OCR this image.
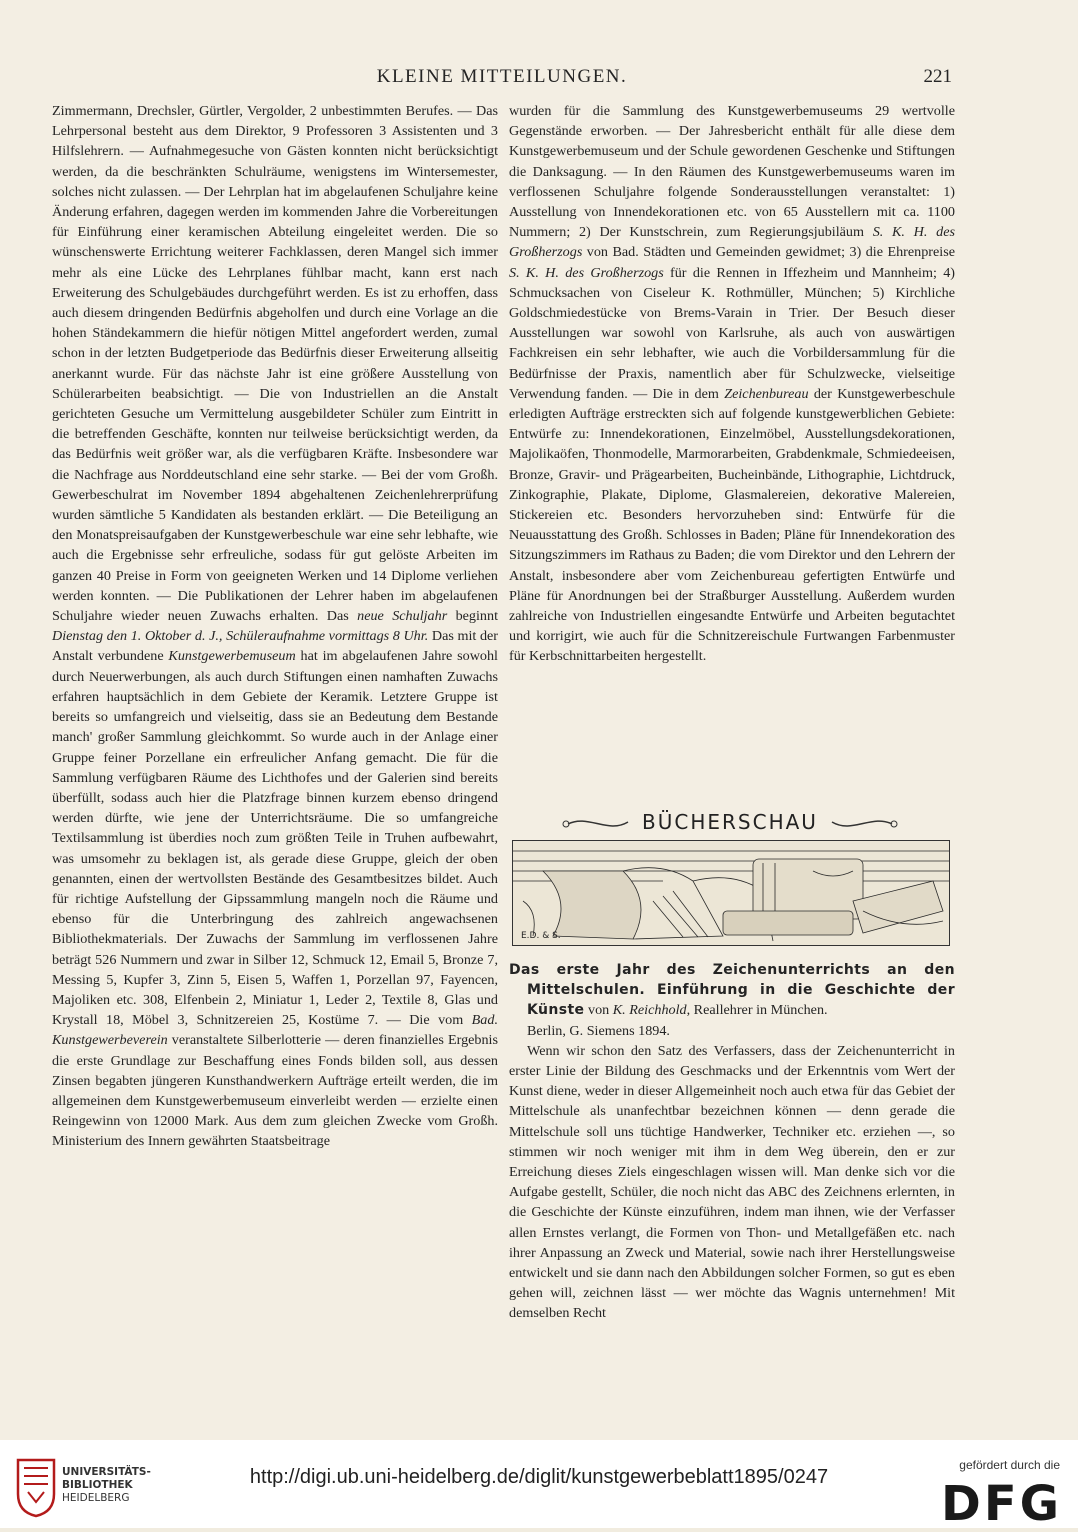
KLEINE MITTEILUNGEN.	221

Zimmermann, Drechsler, Gürtler, Vergolder, 2 unbestimmten Berufes. — Das Lehrpersonal besteht aus dem Direktor, 9 Professoren 3 Assistenten und 3 Hilfslehrern. — Aufnahmegesuche von Gästen konnten nicht berücksichtigt werden, da die beschränkten Schulräume, wenigstens im Wintersemester, solches nicht zulassen. — Der Lehrplan hat im abgelaufenen Schuljahre keine Änderung erfahren, dagegen werden im kommenden Jahre die Vorbereitungen für Einführung einer keramischen Abteilung eingeleitet werden. Die so wünschenswerte Errichtung weiterer Fachklassen, deren Mangel sich immer mehr als eine Lücke des Lehrplanes fühlbar macht, kann erst nach Erweiterung des Schulgebäudes durchgeführt werden. Es ist zu erhoffen, dass auch diesem dringenden Bedürfnis abgeholfen und durch eine Vorlage an die hohen Ständekammern die hiefür nötigen Mittel angefordert werden, zumal schon in der letzten Budgetperiode das Bedürfnis dieser Erweiterung allseitig anerkannt wurde. Für das nächste Jahr ist eine größere Ausstellung von Schülerarbeiten beabsichtigt. — Die von Industriellen an die Anstalt gerichteten Gesuche um Vermittelung ausgebildeter Schüler zum Eintritt in die betreffenden Geschäfte, konnten nur teilweise berücksichtigt werden, da das Bedürfnis weit größer war, als die verfügbaren Kräfte. Insbesondere war die Nachfrage aus Norddeutschland eine sehr starke. — Bei der vom Großh. Gewerbeschulrat im November 1894 abgehaltenen Zeichenlehrerprüfung wurden sämtliche 5 Kandidaten als bestanden erklärt. — Die Beteiligung an den Monatspreisaufgaben der Kunstgewerbeschule war eine sehr lebhafte, wie auch die Ergebnisse sehr erfreuliche, sodass für gut gelöste Arbeiten im ganzen 40 Preise in Form von geeigneten Werken und 14 Diplome verliehen werden konnten. — Die Publikationen der Lehrer haben im abgelaufenen Schuljahre wieder neuen Zuwachs erhalten. Das neue Schuljahr beginnt Dienstag den 1. Oktober d. J., Schüleraufnahme vormittags 8 Uhr. Das mit der Anstalt verbundene Kunstgewerbemuseum hat im abgelaufenen Jahre sowohl durch Neuerwerbungen, als auch durch Stiftungen einen namhaften Zuwachs erfahren hauptsächlich in dem Gebiete der Keramik. Letztere Gruppe ist bereits so umfangreich und vielseitig, dass sie an Bedeutung dem Bestande manch' großer Sammlung gleichkommt. So wurde auch in der Anlage einer Gruppe feiner Porzellane ein erfreulicher Anfang gemacht. Die für die Sammlung verfügbaren Räume des Lichthofes und der Galerien sind bereits überfüllt, sodass auch hier die Platzfrage binnen kurzem ebenso dringend werden dürfte, wie jene der Unterrichtsräume. Die so umfangreiche Textilsammlung ist überdies noch zum größten Teile in Truhen aufbewahrt, was umsomehr zu beklagen ist, als gerade diese Gruppe, gleich der oben genannten, einen der wertvollsten Bestände des Gesamtbesitzes bildet. Auch für richtige Aufstellung der Gipssammlung mangeln noch die Räume und ebenso für die Unterbringung des zahlreich angewachsenen Bibliothekmaterials. Der Zuwachs der Sammlung im verflossenen Jahre beträgt 526 Nummern und zwar in Silber 12, Schmuck 12, Email 5, Bronze 7, Messing 5, Kupfer 3, Zinn 5, Eisen 5, Waffen 1, Porzellan 97, Fayencen, Majoliken etc. 308, Elfenbein 2, Miniatur 1, Leder 2, Textile 8, Glas und Krystall 18, Möbel 3, Schnitzereien 25, Kostüme 7. — Die vom Bad. Kunstgewerbeverein veranstaltete Silberlotterie — deren finanzielles Ergebnis die erste Grundlage zur Beschaffung eines Fonds bilden soll, aus dessen Zinsen begabten jüngeren Kunsthandwerkern Aufträge erteilt werden, die im allgemeinen dem Kunstgewerbemuseum einverleibt werden — erzielte einen Reingewinn von 12000 Mark. Aus dem zum gleichen Zwecke vom Großh. Ministerium des Innern gewährten Staatsbeitrage

wurden für die Sammlung des Kunstgewerbemuseums 29 wertvolle Gegenstände erworben. — Der Jahresbericht enthält für alle diese dem Kunstgewerbemuseum und der Schule gewordenen Geschenke und Stiftungen die Danksagung. — In den Räumen des Kunstgewerbemuseums waren im verflossenen Schuljahre folgende Sonderausstellungen veranstaltet: 1) Ausstellung von Innendekorationen etc. von 65 Ausstellern mit ca. 1100 Nummern; 2) Der Kunstschrein, zum Regierungsjubiläum S. K. H. des Großherzogs von Bad. Städten und Gemeinden gewidmet; 3) die Ehrenpreise S. K. H. des Großherzogs für die Rennen in Iffezheim und Mannheim; 4) Schmucksachen von Ciseleur K. Rothmüller, München; 5) Kirchliche Goldschmiedestücke von Brems-Varain in Trier. Der Besuch dieser Ausstellungen war sowohl von Karlsruhe, als auch von auswärtigen Fachkreisen ein sehr lebhafter, wie auch die Vorbildersammlung für die Bedürfnisse der Praxis, namentlich aber für Schulzwecke, vielseitige Verwendung fanden. — Die in dem Zeichenbureau der Kunstgewerbeschule erledigten Aufträge erstreckten sich auf folgende kunstgewerblichen Gebiete: Entwürfe zu: Innendekorationen, Einzelmöbel, Ausstellungsdekorationen, Majolikaöfen, Thonmodelle, Marmorarbeiten, Grabdenkmale, Schmiedeeisen, Bronze, Gravir- und Prägearbeiten, Bucheinbände, Lithographie, Lichtdruck, Zinkographie, Plakate, Diplome, Glasmalereien, dekorative Malereien, Stickereien etc. Besonders hervorzuheben sind: Entwürfe für die Neuausstattung des Großh. Schlosses in Baden; Pläne für Innendekoration des Sitzungszimmers im Rathaus zu Baden; die vom Direktor und den Lehrern der Anstalt, insbesondere aber vom Zeichenbureau gefertigten Entwürfe und Pläne für Anordnungen bei der Straßburger Ausstellung. Außerdem wurden zahlreiche von Industriellen eingesandte Entwürfe und Arbeiten begutachtet und korrigirt, wie auch für die Schnitzereischule Furtwangen Farbenmuster für Kerbschnittarbeiten hergestellt.

BÜCHERSCHAU
E.D. & S.

Das erste Jahr des Zeichenunterrichts an den Mittelschulen. Einführung in die Geschichte der Künste von K. Reichhold, Reallehrer in München.
Berlin, G. Siemens 1894.

Wenn wir schon den Satz des Verfassers, dass der Zeichenunterricht in erster Linie der Bildung des Geschmacks und der Erkenntnis vom Wert der Kunst diene, weder in dieser Allgemeinheit noch auch etwa für das Gebiet der Mittelschule als unanfechtbar bezeichnen können — denn gerade die Mittelschule soll uns tüchtige Handwerker, Techniker etc. erziehen —, so stimmen wir noch weniger mit ihm in dem Weg überein, den er zur Erreichung dieses Ziels eingeschlagen wissen will. Man denke sich vor die Aufgabe gestellt, Schüler, die noch nicht das ABC des Zeichnens erlernten, in die Geschichte der Künste einzuführen, indem man ihnen, wie der Verfasser allen Ernstes verlangt, die Formen von Thon- und Metallgefäßen etc. nach ihrer Anpassung an Zweck und Material, sowie nach ihrer Herstellungsweise entwickelt und sie dann nach den Abbildungen solcher Formen, so gut es eben gehen will, zeichnen lässt — wer möchte das Wagnis unternehmen! Mit demselben Recht

UNIVERSITÄTS-
BIBLIOTHEK
HEIDELBERG
http://digi.ub.uni-heidelberg.de/diglit/kunstgewerbeblatt1895/0247
gefördert durch die
DFG
